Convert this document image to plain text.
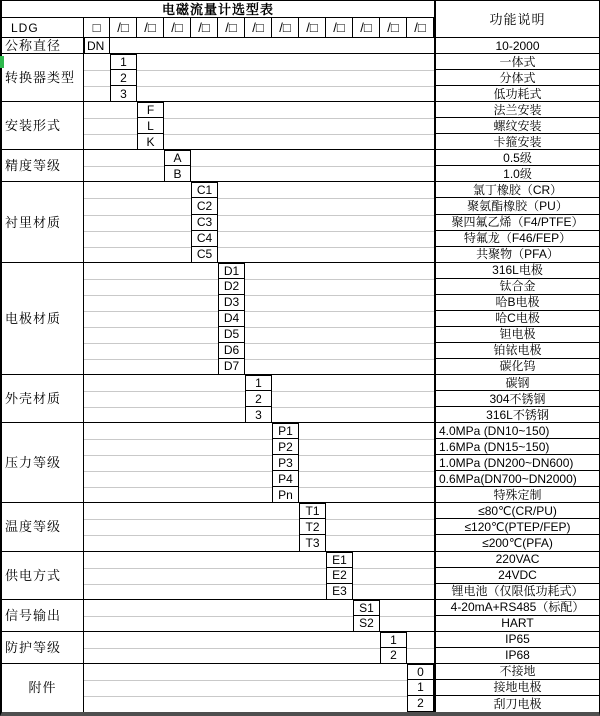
电磁流量计选型表
功能说明
LDG	□	/□	/□	/□	/□	/□	/□	/□	/□	/□	/□	/□	/□
公称直径	DN	10-2000
转换器类型
1	一体式
2	分体式
3	低功耗式
安装形式
F	法兰安装
L	螺纹安装
K	卡箍安装
精度等级
A	0.5级
B	1.0级
衬里材质
C1	氯丁橡胶（CR）
C2	聚氨酯橡胶（PU）
C3	聚四氟乙烯（F4/PTFE）
C4	特氟龙（F46/FEP）
C5	共聚物（PFA）
电极材质
D1	316L电极
D2	钛合金
D3	哈B电极
D4	哈C电极
D5	钽电极
D6	铂铱电极
D7	碳化钨
外壳材质
1	碳钢
2	304不锈钢
3	316L不锈钢
压力等级
P1	4.0MPa (DN10~150)
P2	1.6MPa (DN15~150)
P3	1.0MPa (DN200~DN600)
P4	0.6MPa(DN700~DN2000)
Pn	特殊定制
温度等级
T1	≤80℃(CR/PU)
T2	≤120℃(PTEP/FEP)
T3	≤200℃(PFA)
供电方式
E1	220VAC
E2	24VDC
E3	锂电池（仅限低功耗式）
信号输出
S1	4-20mA+RS485（标配）
S2	HART
防护等级
1	IP65
2	IP68
附件
0	不接地
1	接地电极
2	刮刀电极
